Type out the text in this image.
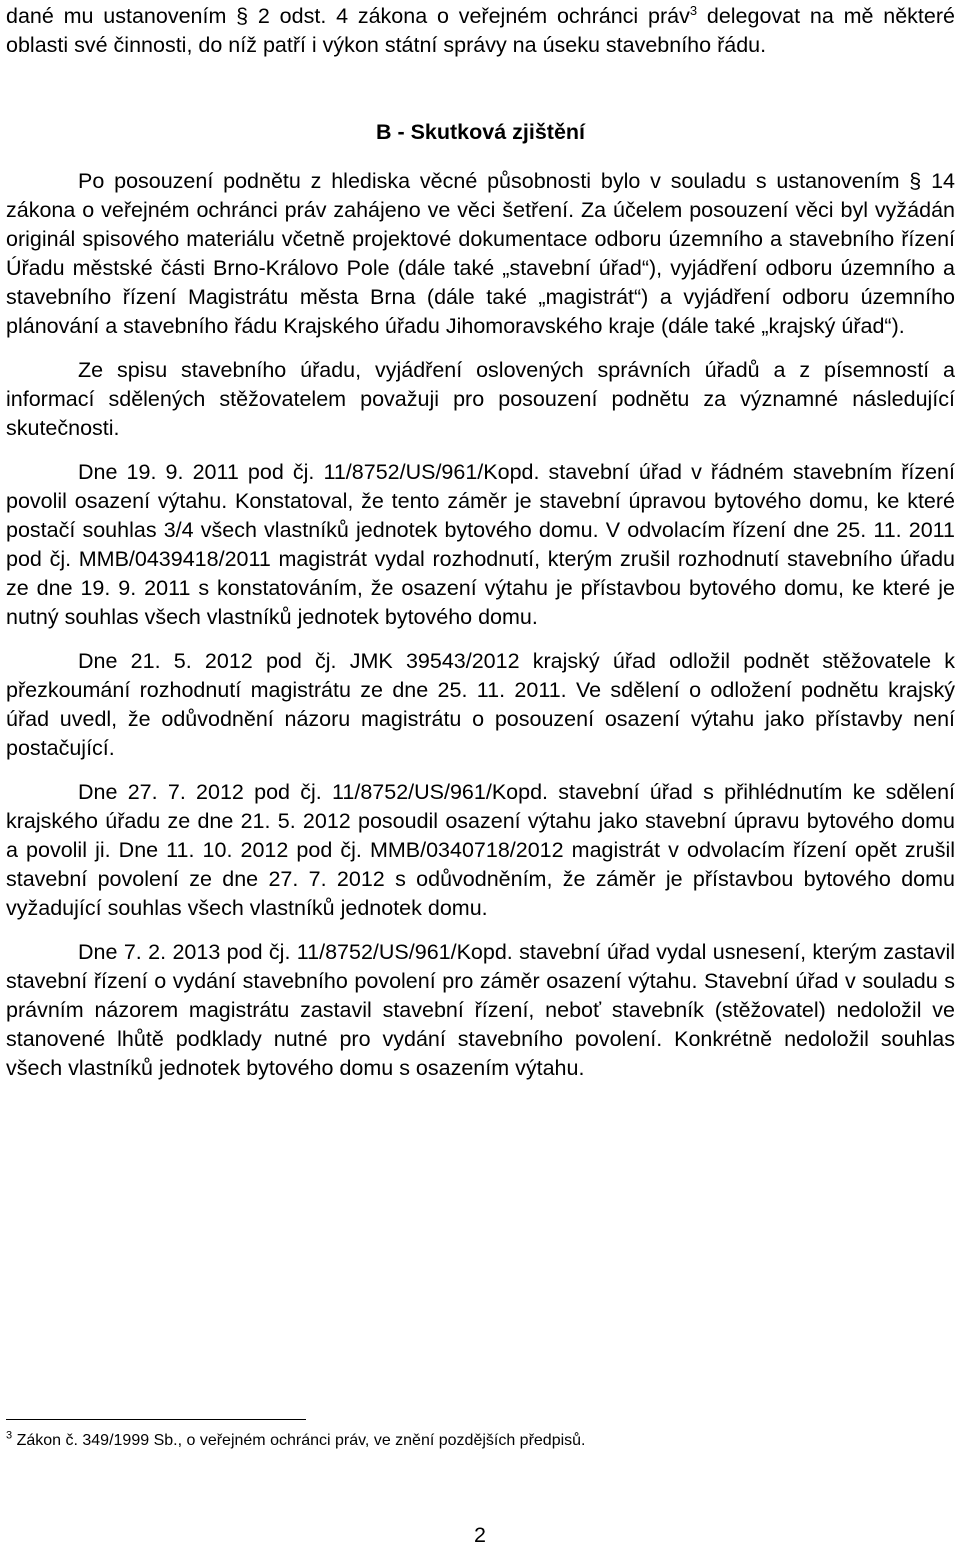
dané mu ustanovením § 2 odst. 4 zákona o veřejném ochránci práv$^3$ delegovat na mě některé oblasti své činnosti, do níž patří i výkon státní správy na úseku stavebního řádu.

B - Skutková zjištění

Po posouzení podnětu z hlediska věcné působnosti bylo v souladu s ustanovením § 14 zákona o veřejném ochránci práv zahájeno ve věci šetření. Za účelem posouzení věci byl vyžádán originál spisového materiálu včetně projektové dokumentace odboru územního a stavebního řízení Úřadu městské části Brno-Královo Pole (dále také „stavební úřad“), vyjádření odboru územního a stavebního řízení Magistrátu města Brna (dále také „magistrát“) a vyjádření odboru územního plánování a stavebního řádu Krajského úřadu Jihomoravského kraje (dále také „krajský úřad“).

Ze spisu stavebního úřadu, vyjádření oslovených správních úřadů a z písemností a informací sdělených stěžovatelem považuji pro posouzení podnětu za významné následující skutečnosti.

Dne 19. 9. 2011 pod čj. 11/8752/US/961/Kopd. stavební úřad v řádném stavebním řízení povolil osazení výtahu. Konstatoval, že tento záměr je stavební úpravou bytového domu, ke které postačí souhlas 3/4 všech vlastníků jednotek bytového domu. V odvolacím řízení dne 25. 11. 2011 pod čj. MMB/0439418/2011 magistrát vydal rozhodnutí, kterým zrušil rozhodnutí stavebního úřadu ze dne 19. 9. 2011 s konstatováním, že osazení výtahu je přístavbou bytového domu, ke které je nutný souhlas všech vlastníků jednotek bytového domu.

Dne 21. 5. 2012 pod čj. JMK 39543/2012 krajský úřad odložil podnět stěžovatele k přezkoumání rozhodnutí magistrátu ze dne 25. 11. 2011. Ve sdělení o odložení podnětu krajský úřad uvedl, že odůvodnění názoru magistrátu o posouzení osazení výtahu jako přístavby není postačující.

Dne 27. 7. 2012 pod čj. 11/8752/US/961/Kopd. stavební úřad s přihlédnutím ke sdělení krajského úřadu ze dne 21. 5. 2012 posoudil osazení výtahu jako stavební úpravu bytového domu a povolil ji. Dne 11. 10. 2012 pod čj. MMB/0340718/2012 magistrát v odvolacím řízení opět zrušil stavební povolení ze dne 27. 7. 2012 s odůvodněním, že záměr je přístavbou bytového domu vyžadující souhlas všech vlastníků jednotek domu.

Dne 7. 2. 2013 pod čj. 11/8752/US/961/Kopd. stavební úřad vydal usnesení, kterým zastavil stavební řízení o vydání stavebního povolení pro záměr osazení výtahu. Stavební úřad v souladu s právním názorem magistrátu zastavil stavební řízení, neboť stavebník (stěžovatel) nedoložil ve stanovené lhůtě podklady nutné pro vydání stavebního povolení. Konkrétně nedoložil souhlas všech vlastníků jednotek bytového domu s osazením výtahu.

$^3$ Zákon č. 349/1999 Sb., o veřejném ochránci práv, ve znění pozdějších předpisů.
2
